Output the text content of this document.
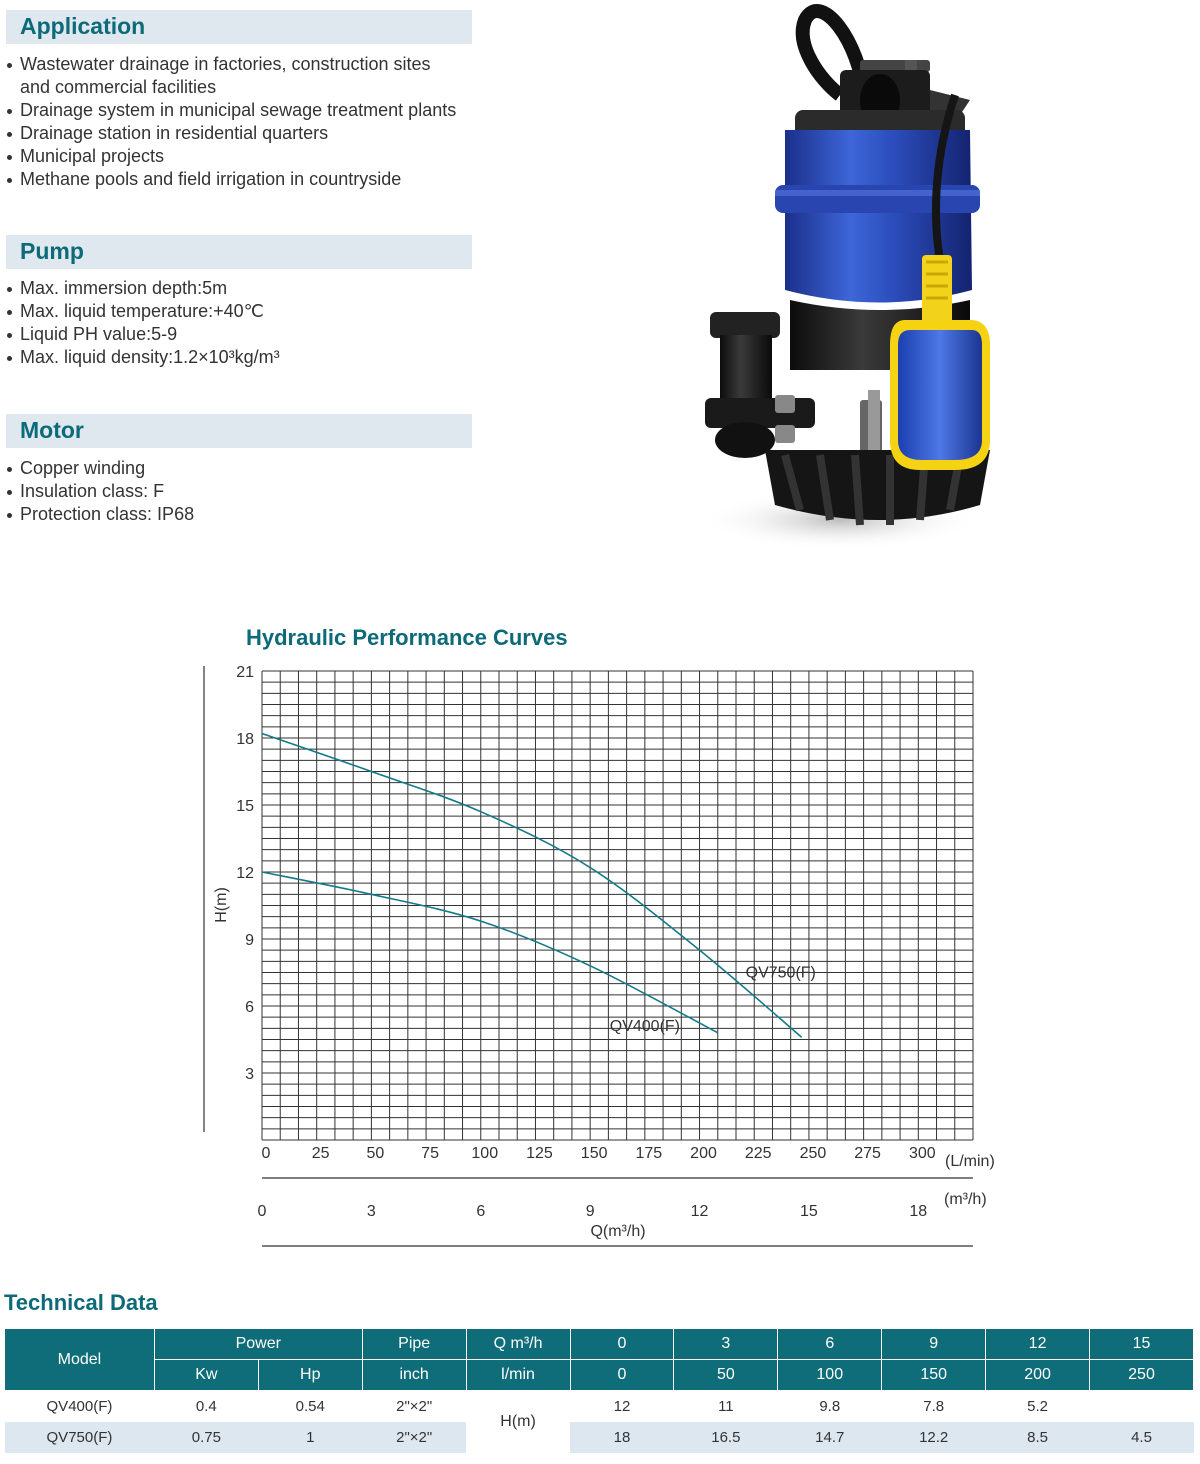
Application
Wastewater drainage in factories, construction sites
and commercial facilities
Drainage system in municipal sewage treatment plants
Drainage station in residential quarters
Municipal projects
Methane pools and field irrigation in countryside
Pump
Max. immersion depth:5m
Max. liquid temperature:+40℃
Liquid PH value:5-9
Max. liquid density:1.2×10³kg/m³
Motor
Copper winding
Insulation class: F
Protection class: IP68
Hydraulic Performance Curves
3
6
9
12
15
18
21
H(m)
0	25 50 75 100 125 150 175 200 225 250 275 300 (L/min)
0	3	6	9	12	15	18
(m³/h)
Q(m³/h)
QV400(F)
QV750(F)
Technical Data
Model	Power		Pipe	Q m³/h	0	3	6	9	12	15
	Kw	Hp	inch	l/min	0	50	100	150	200	250
QV400(F)	0.4	0.54	2"×2"	H(m)	12	11	9.8	7.8	5.2	
QV750(F)	0.75	1	2"×2"		18	16.5	14.7	12.2	8.5	4.5
